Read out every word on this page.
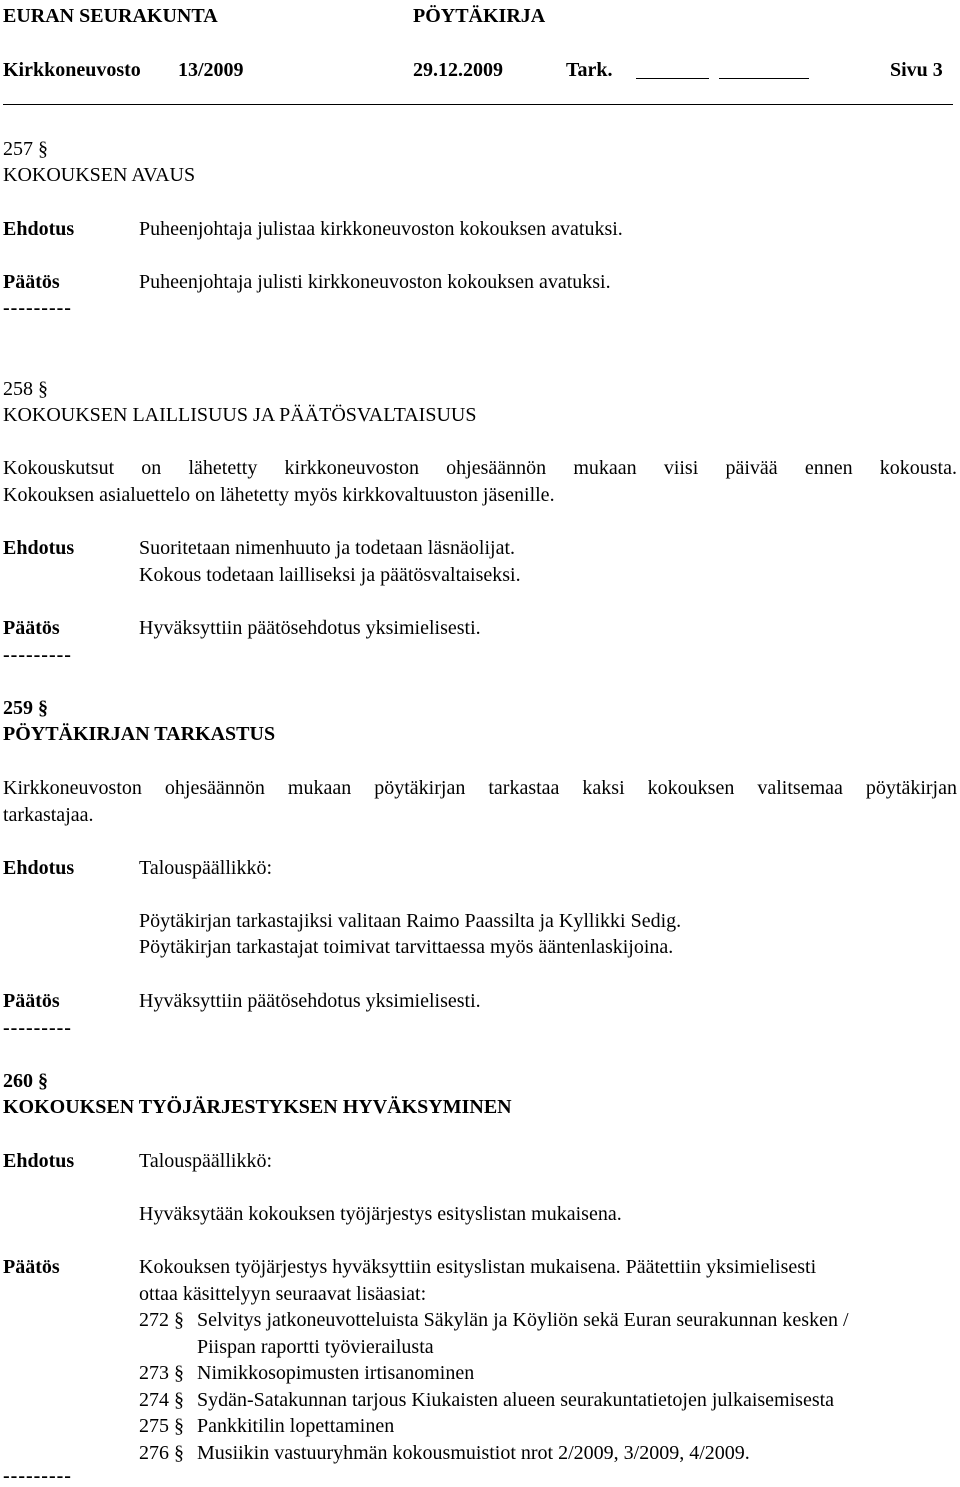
EURAN SEURAKUNTA	PÖYTÄKIRJA
Kirkkoneuvosto 13/2009	29.12.2009	Tark.	Sivu 3
257 §
KOKOUKSEN AVAUS
Ehdotus	Puheenjohtaja julistaa kirkkoneuvoston kokouksen avatuksi.
Päätös	Puheenjohtaja julisti kirkkoneuvoston kokouksen avatuksi.
---------
258 §
KOKOUKSEN LAILLISUUS JA PÄÄTÖSVALTAISUUS
Kokouskutsut on lähetetty kirkkoneuvoston ohjesäännön mukaan viisi päivää ennen kokousta.
Kokouksen asialuettelo on lähetetty myös kirkkovaltuuston jäsenille.
Ehdotus	Suoritetaan nimenhuuto ja todetaan läsnäolijat.
Kokous todetaan lailliseksi ja päätösvaltaiseksi.
Päätös	Hyväksyttiin päätösehdotus yksimielisesti.
---------
259 §
PÖYTÄKIRJAN TARKASTUS
Kirkkoneuvoston ohjesäännön mukaan pöytäkirjan tarkastaa kaksi kokouksen valitsemaa pöytäkirjan
tarkastajaa.
Ehdotus	Talouspäällikkö:
Pöytäkirjan tarkastajiksi valitaan Raimo Paassilta ja Kyllikki Sedig.
Pöytäkirjan tarkastajat toimivat tarvittaessa myös ääntenlaskijoina.
Päätös	Hyväksyttiin päätösehdotus yksimielisesti.
---------
260 §
KOKOUKSEN TYÖJÄRJESTYKSEN HYVÄKSYMINEN
Ehdotus	Talouspäällikkö:
Hyväksytään kokouksen työjärjestys esityslistan mukaisena.
Päätös	Kokouksen työjärjestys hyväksyttiin esityslistan mukaisena. Päätettiin yksimielisesti
ottaa käsittelyyn seuraavat lisäasiat:
272 § Selvitys jatkoneuvotteluista Säkylän ja Köyliön sekä Euran seurakunnan kesken /
Piispan raportti työvierailusta
273 § Nimikkosopimusten irtisanominen
274 § Sydän-Satakunnan tarjous Kiukaisten alueen seurakuntatietojen julkaisemisesta
275 § Pankkitilin lopettaminen
276 § Musiikin vastuuryhmän kokousmuistiot nrot 2/2009, 3/2009, 4/2009.
---------
